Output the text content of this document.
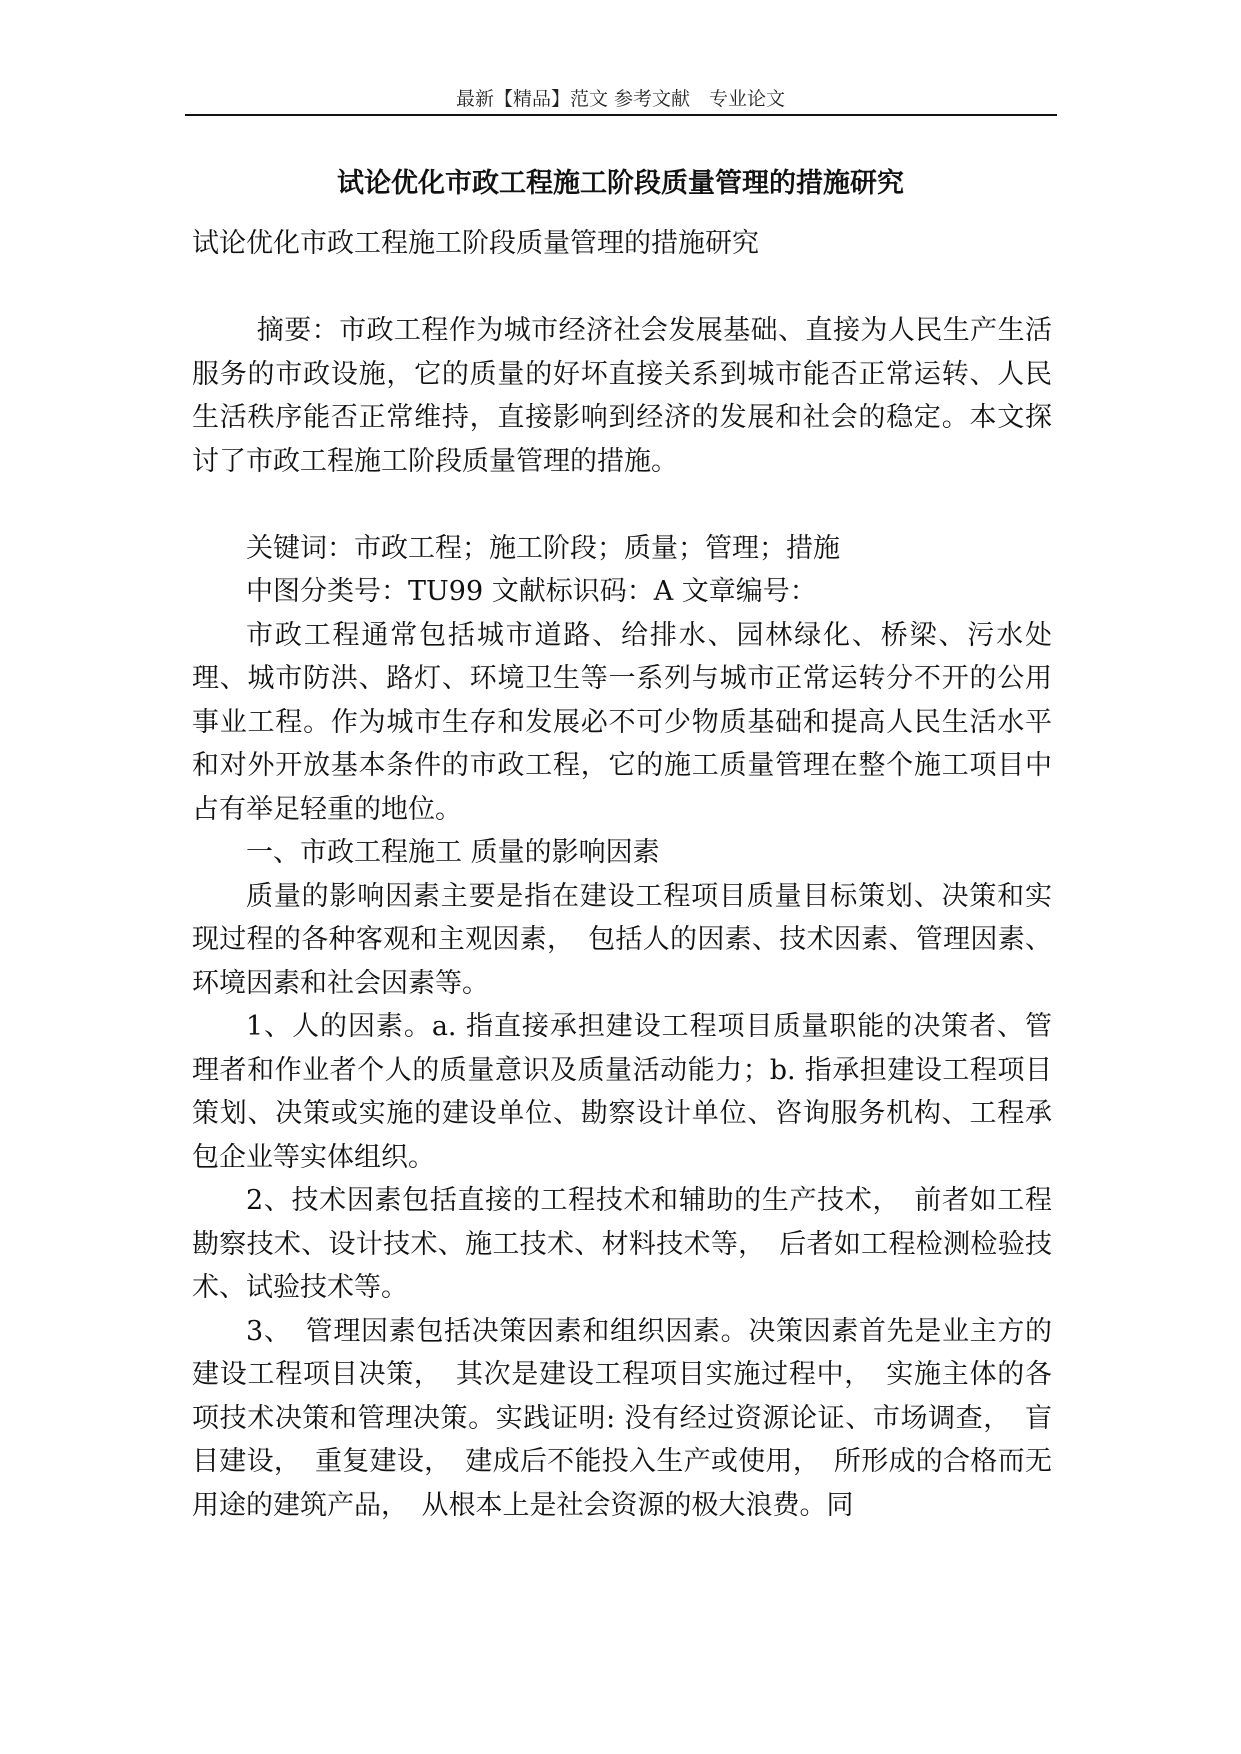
最新【精品】范文 参考文献　专业论文
试论优化市政工程施工阶段质量管理的措施研究

试论优化市政工程施工阶段质量管理的措施研究

摘要：市政工程作为城市经济社会发展基础、直接为人民生产生活服务的市政设施，它的质量的好坏直接关系到城市能否正常运转、人民生活秩序能否正常维持，直接影响到经济的发展和社会的稳定。本文探讨了市政工程施工阶段质量管理的措施。

关键词：市政工程；施工阶段；质量；管理；措施

中图分类号：TU99 文献标识码：A 文章编号：

市政工程通常包括城市道路、给排水、园林绿化、桥梁、污水处理、城市防洪、路灯、环境卫生等一系列与城市正常运转分不开的公用事业工程。作为城市生存和发展必不可少物质基础和提高人民生活水平和对外开放基本条件的市政工程，它的施工质量管理在整个施工项目中占有举足轻重的地位。

一、市政工程施工 质量的影响因素

质量的影响因素主要是指在建设工程项目质量目标策划、决策和实现过程的各种客观和主观因素，　包括人的因素、技术因素、管理因素、环境因素和社会因素等。

1、人的因素。a. 指直接承担建设工程项目质量职能的决策者、管理者和作业者个人的质量意识及质量活动能力；b. 指承担建设工程项目策划、决策或实施的建设单位、勘察设计单位、咨询服务机构、工程承包企业等实体组织。

2、技术因素包括直接的工程技术和辅助的生产技术，　前者如工程勘察技术、设计技术、施工技术、材料技术等，　后者如工程检测检验技术、试验技术等。

3、　管理因素包括决策因素和组织因素。决策因素首先是业主方的建设工程项目决策，　其次是建设工程项目实施过程中，　实施主体的各项技术决策和管理决策。实践证明: 没有经过资源论证、市场调查，　盲目建设，　重复建设，　建成后不能投入生产或使用，　所形成的合格而无用途的建筑产品，　从根本上是社会资源的极大浪费。同
